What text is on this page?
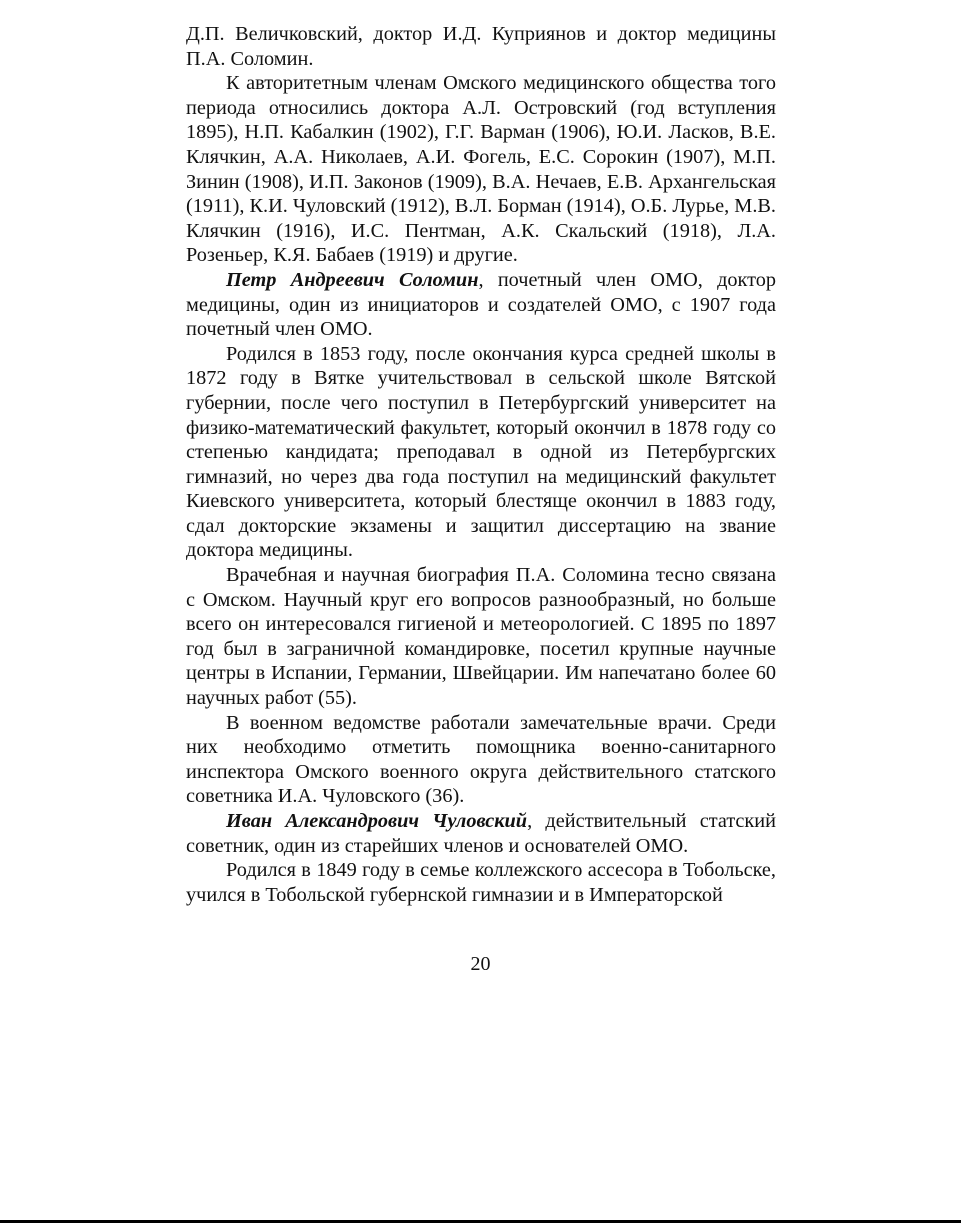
Д.П. Величковский, доктор И.Д. Куприянов и доктор медицины П.А. Соломин.

К авторитетным членам Омского медицинского общества того периода относились доктора А.Л. Островский (год вступления 1895), Н.П. Кабалкин (1902), Г.Г. Варман (1906), Ю.И. Ласков, В.Е. Клячкин, А.А. Николаев, А.И. Фогель, Е.С. Сорокин (1907), М.П. Зинин (1908), И.П. Законов (1909), В.А. Нечаев, Е.В. Архангельская (1911), К.И. Чуловский (1912), В.Л. Борман (1914), О.Б. Лурье, М.В. Клячкин (1916), И.С. Пентман, А.К. Скальский (1918), Л.А. Розеньер, К.Я. Бабаев (1919) и другие.

Петр Андреевич Соломин, почетный член ОМО, доктор медицины, один из инициаторов и создателей ОМО, с 1907 года почетный член ОМО.

Родился в 1853 году, после окончания курса средней школы в 1872 году в Вятке учительствовал в сельской школе Вятской губернии, после чего поступил в Петербургский университет на физико-математический факультет, который окончил в 1878 году со степенью кандидата; преподавал в одной из Петербургских гимназий, но через два года поступил на медицинский факультет Киевского университета, который блестяще окончил в 1883 году, сдал докторские экзамены и защитил диссертацию на звание доктора медицины.

Врачебная и научная биография П.А. Соломина тесно связана с Омском. Научный круг его вопросов разнообразный, но больше всего он интересовался гигиеной и метеорологией. С 1895 по 1897 год был в заграничной командировке, посетил крупные научные центры в Испании, Германии, Швейцарии. Им напечатано более 60 научных работ (55).

В военном ведомстве работали замечательные врачи. Среди них необходимо отметить помощника военно-санитарного инспектора Омского военного округа действительного статского советника И.А. Чуловского (36).

Иван Александрович Чуловский, действительный статский советник, один из старейших членов и основателей ОМО.

Родился в 1849 году в семье коллежского ассесора в Тобольске, учился в Тобольской губернской гимназии и в Императорской

20
